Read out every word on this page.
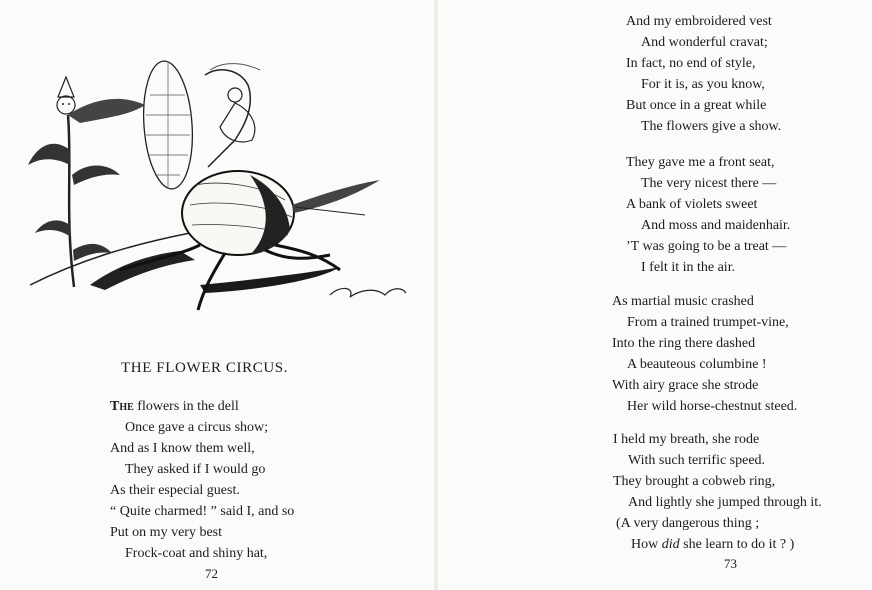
THE FLOWER CIRCUS.
The flowers in the dell
Once gave a circus show;
And as I know them well,
They asked if I would go
As their especial guest.
“ Quite charmed! ” said I, and so
Put on my very best
Frock-coat and shiny hat,
72
And my embroidered vest
And wonderful cravat;
In fact, no end of style,
For it is, as you know,
But once in a great while
The flowers give a show.
They gave me a front seat,
The very nicest there —
A bank of violets sweet
And moss and maidenhair.
’T was going to be a treat —
I felt it in the air.
As martial music crashed
From a trained trumpet-vine,
Into the ring there dashed
A beauteous columbine !
With airy grace she strode
Her wild horse-chestnut steed.
I held my breath, she rode
With such terrific speed.
They brought a cobweb ring,
And lightly she jumped through it.
(A very dangerous thing ;
How did she learn to do it ? )
73
